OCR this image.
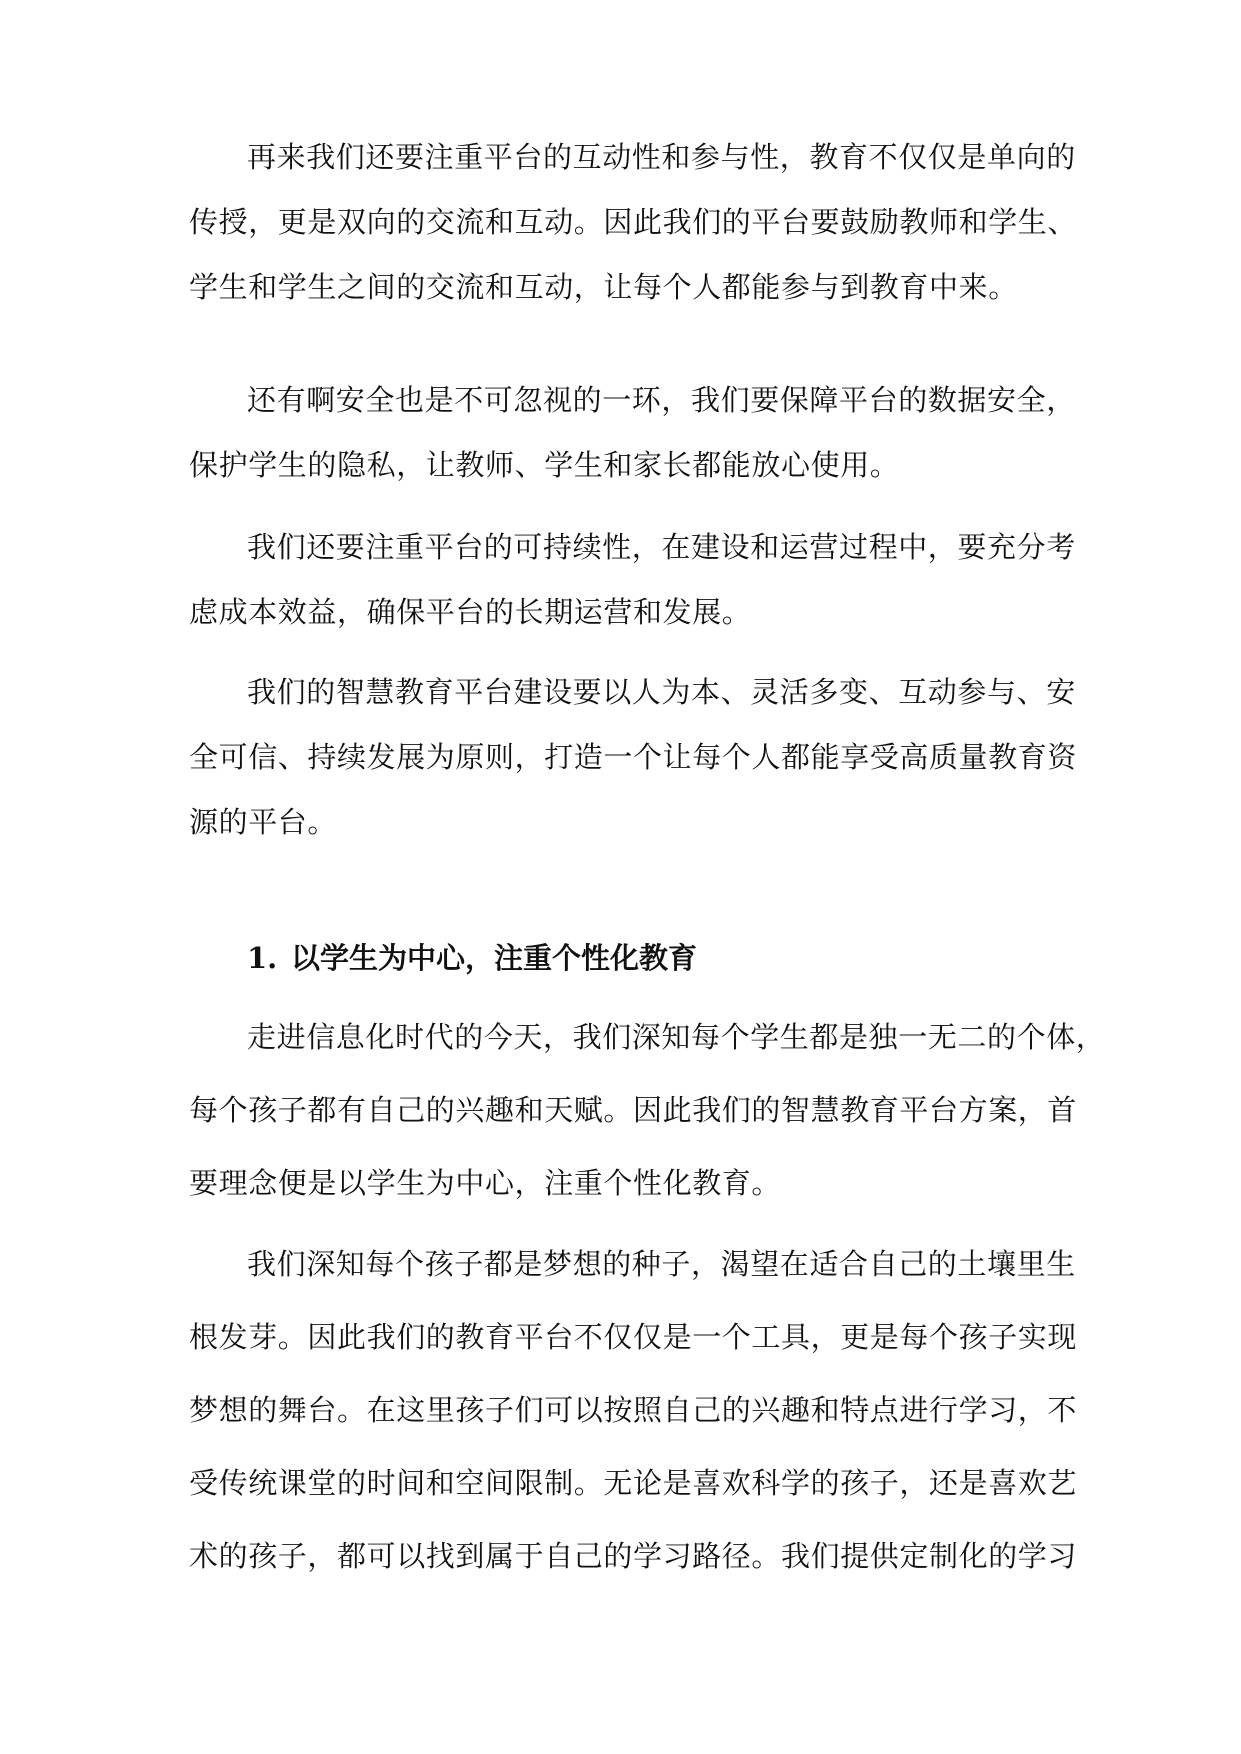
再来我们还要注重平台的互动性和参与性，教育不仅仅是单向的
传授，更是双向的交流和互动。因此我们的平台要鼓励教师和学生、
学生和学生之间的交流和互动，让每个人都能参与到教育中来。
还有啊安全也是不可忽视的一环，我们要保障平台的数据安全，
保护学生的隐私，让教师、学生和家长都能放心使用。
我们还要注重平台的可持续性，在建设和运营过程中，要充分考
虑成本效益，确保平台的长期运营和发展。
我们的智慧教育平台建设要以人为本、灵活多变、互动参与、安
全可信、持续发展为原则，打造一个让每个人都能享受高质量教育资
源的平台。
1. 以学生为中心，注重个性化教育
走进信息化时代的今天，我们深知每个学生都是独一无二的个体，
每个孩子都有自己的兴趣和天赋。因此我们的智慧教育平台方案，首
要理念便是以学生为中心，注重个性化教育。
我们深知每个孩子都是梦想的种子，渴望在适合自己的土壤里生
根发芽。因此我们的教育平台不仅仅是一个工具，更是每个孩子实现
梦想的舞台。在这里孩子们可以按照自己的兴趣和特点进行学习，不
受传统课堂的时间和空间限制。无论是喜欢科学的孩子，还是喜欢艺
术的孩子，都可以找到属于自己的学习路径。我们提供定制化的学习
